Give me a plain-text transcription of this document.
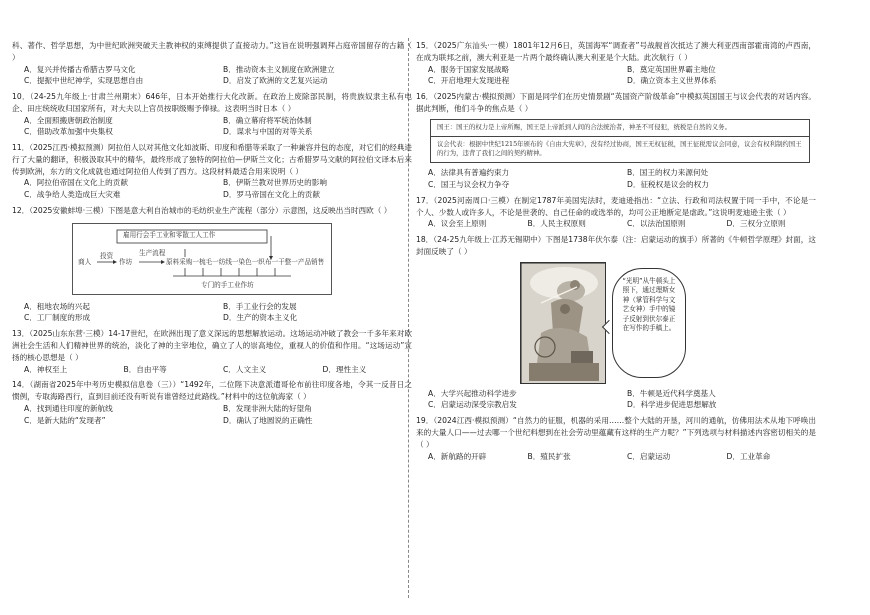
科、著作、哲学思想，为中世纪欧洲突破天主教神权的束缚提供了直接动力。”这旨在说明强调拜占庭帝国留存的古籍（ ）
A．复兴并传播古希腊古罗马文化	B．推动资本主义制度在欧洲建立
C．提振中世纪神学，实现思想自由	D．启发了欧洲的文艺复兴运动
10．（24-25九年级上·甘肃兰州期末）646年，日本开始推行大化改新。在政治上废除部民制，将贵族奴隶主私有电企、田庄统统收归国家所有，对大夫以上官员按职级赐予俸禄。这表明当时日本（ ）
A．全面照搬唐朝政治制度	B．确立幕府将军统治体制
C．借助改革加强中央集权	D．谋求与中国的对等关系
11．（2025江西·模拟预测）阿拉伯人以对其他文化如波斯、印度和希腊等采取了一种兼容并包的态度，对它们的经典进行了大量的翻译，积极汲取其中的精华，最终形成了独特的阿拉伯—伊斯兰文化；古希腊罗马文献的阿拉伯文译本后来传到欧洲，东方的文化成就也通过阿拉伯人传到了西方。这段材料最适合用来说明（ ）
A．阿拉伯帝国在文化上的贡献	B．伊斯兰教对世界历史的影响
C．战争给人类造成巨大灾难	D．罗马帝国在文化上的贡献
12．（2025安徽蚌埠·三模）下图是意大利自治城市的毛纺织业生产流程（部分）示意图，这反映出当时西欧（ ）
雇用行会手工业和零散工人工作
商人
投资
作坊
生产流程
原料采购一梳毛一纺线一染色一织布一干整一产品销售
专门的手工业作坊
A．租地农场的兴起	B．手工业行会的发展
C．工厂制度的形成	D．生产的资本主义化
13．（2025山东东营·三模）14-17世纪，在欧洲出现了意义深远的思想解放运动。这场运动冲破了教会一千多年来对欧洲社会生活和人们精神世界的统治，淡化了神的主宰地位，确立了人的崇高地位，重视人的价值和作用。“这场运动”宣扬的核心思想是（ ）
A．神权至上	B．自由平等	C．人文主义	D．理性主义
14．（湖南省2025年中考历史模拟信息卷（三））“1492年，二位陛下决意派遣哥伦布前往印度各地，令其一反昔日之惯例，专取海路西行，直到目前还没有听说有谁曾经过此路线。”材料中的这位航海家（ ）
A．找到通往印度的新航线	B．发现非洲大陆的好望角
C．是新大陆的“发现者”	D．确认了地圆说的正确性
15．（2025广东汕头·一模）1801年12月6日，英国海军“调查者”号战舰首次抵达了澳大利亚西南部霍南湾的卢西南，在成为联邦之前，澳大利亚是一片两个最终确认澳大利亚是个大陆。此次航行（ ）
A．服务于国家发展战略	B．奠定英国世界霸主地位
C．开启地理大发现进程	D．确立资本主义世界体系
16．（2025内蒙古·模拟预测）下面是同学们在历史情景剧“英国资产阶级革命”中模拟英国国王与议会代表的对话内容。据此判断，他们斗争的焦点是（ ）
国王：国王的权力是上帝所赐，国王是上帝派到人间的合法统治者，神圣不可侵犯，统税是自然的义务。
议会代表：根据中世纪1215年颁布的《自由大宪章》，没有经过协商，国王无权征税，国王征税需议会同意，议会有权利制约国王的行为，违背了我们之间的契约精神。
A．法律具有普遍约束力	B．国王的权力来源何处
C．国王与议会权力争夺	D．征税权是议会的权力
17．（2025河南周口·三模）在制定1787年美国宪法时，麦迪逊指出：“立法、行政和司法权置于同一手中，不论是一个人、少数人或许多人，不论是世袭的、自己任命的或选举的，均可公正地断定是虐政。”这说明麦迪逊主张（ ）
A．议会至上原则	B．人民主权原则	C．以法治国原则	D．三权分立原则
18．（24-25九年级上·江苏无锡期中）下图是1738年伏尔泰（注：启蒙运动的旗手）所著的《牛顿哲学原理》封面，这封面反映了（ ）
“光明”从牛顿头上照下，通过理斯女神（掌管科学与文艺女神）手中的镜子反射到伏尔泰正在写作的手稿上。
A．大学兴起推动科学进步	B．牛顿是近代科学奠基人
C．启蒙运动深受宗教启发	D．科学进步促进思想解放
19．（2024江西·模拟预测）“自然力的征服，机器的采用……整个大陆的开垦，河川的通航，仿佛用法术从地下呼唤出来的大量人口——过去哪一个世纪料想到在社会劳动里蕴藏有这样的生产力呢？”下列选项与材料描述内容密切相关的是（ ）
A．新航路的开辟	B．殖民扩张	C．启蒙运动	D．工业革命
